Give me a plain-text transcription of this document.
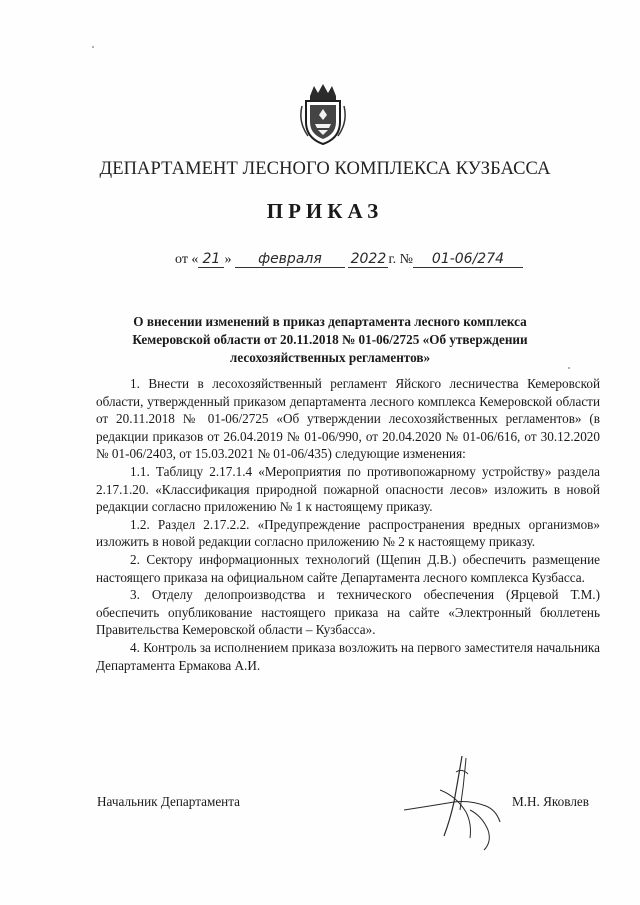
ДЕПАРТАМЕНТ ЛЕСНОГО КОМПЛЕКСА КУЗБАССА
ПРИКАЗ
от « 21 » февраля 2022 г. № 01-06/274
О внесении изменений в приказ департамента лесного комплекса
Кемеровской области от 20.11.2018 № 01-06/2725 «Об утверждении
лесохозяйственных регламентов»

1. Внести в лесохозяйственный регламент Яйского лесничества Кемеровской области, утвержденный приказом департамента лесного комплекса Кемеровской области от 20.11.2018 № 01-06/2725 «Об утверждении лесохозяйственных регламентов» (в редакции приказов от 26.04.2019 № 01-06/990, от 20.04.2020 № 01-06/616, от 30.12.2020 № 01-06/2403, от 15.03.2021 № 01-06/435) следующие изменения:

1.1. Таблицу 2.17.1.4 «Мероприятия по противопожарному устройству» раздела 2.17.1.20. «Классификация природной пожарной опасности лесов» изложить в новой редакции согласно приложению № 1 к настоящему приказу.

1.2. Раздел 2.17.2.2. «Предупреждение распространения вредных организмов» изложить в новой редакции согласно приложению № 2 к настоящему приказу.

2. Сектору информационных технологий (Щепин Д.В.) обеспечить размещение настоящего приказа на официальном сайте Департамента лесного комплекса Кузбасса.

3. Отделу делопроизводства и технического обеспечения (Ярцевой Т.М.) обеспечить опубликование настоящего приказа на сайте «Электронный бюллетень Правительства Кемеровской области – Кузбасса».

4. Контроль за исполнением приказа возложить на первого заместителя начальника Департамента Ермакова А.И.

Начальник Департамента	М.Н. Яковлев
